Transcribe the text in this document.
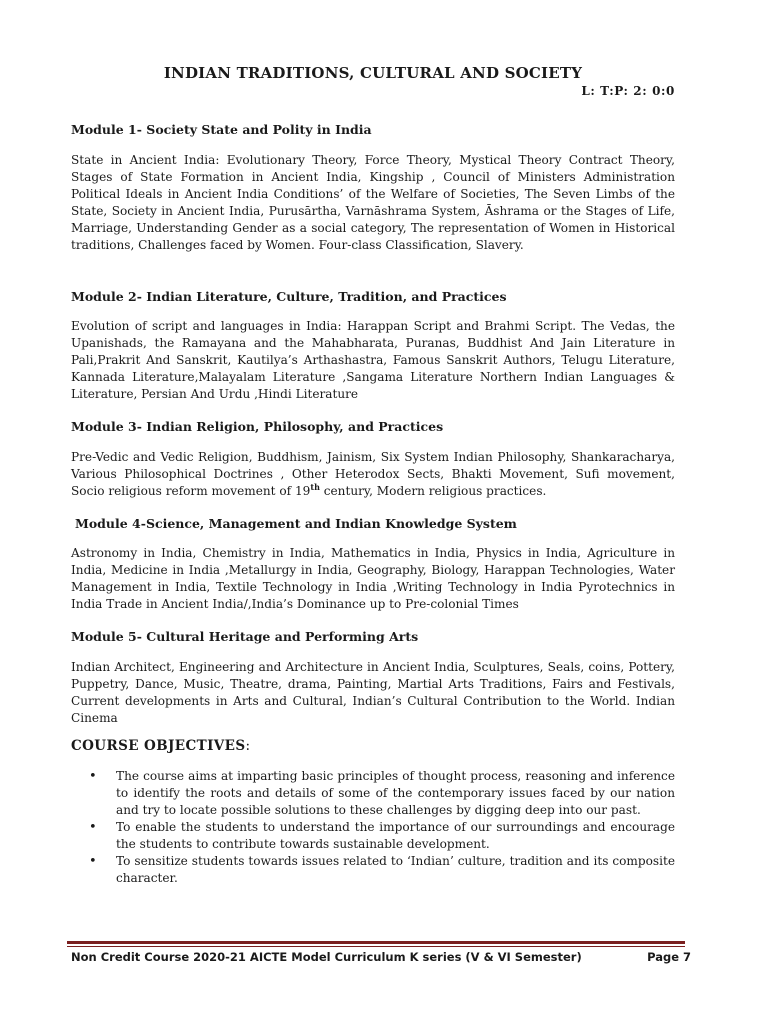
INDIAN TRADITIONS, CULTURAL AND SOCIETY
L: T:P: 2: 0:0
Module 1- Society State and Polity in India

State in Ancient India: Evolutionary Theory, Force Theory, Mystical Theory Contract Theory, Stages of State Formation in Ancient India, Kingship , Council of Ministers Administration Political Ideals in Ancient India Conditions’ of the Welfare of Societies, The Seven Limbs of the State, Society in Ancient India, Purusārtha, Varnāshrama System, Āshrama or the Stages of Life, Marriage, Understanding Gender as a social category, The representation of Women in Historical traditions, Challenges faced by Women. Four-class Classification, Slavery.

Module 2- Indian Literature, Culture, Tradition, and Practices

Evolution of script and languages in India: Harappan Script and Brahmi Script. The Vedas, the Upanishads, the Ramayana and the Mahabharata, Puranas, Buddhist And Jain Literature in Pali,Prakrit And Sanskrit, Kautilya’s Arthashastra, Famous Sanskrit Authors, Telugu Literature, Kannada Literature,Malayalam Literature ,Sangama Literature Northern Indian Languages & Literature, Persian And Urdu ,Hindi Literature

Module 3- Indian Religion, Philosophy, and Practices

Pre-Vedic and Vedic Religion, Buddhism, Jainism, Six System Indian Philosophy, Shankaracharya, Various Philosophical Doctrines , Other Heterodox Sects, Bhakti Movement, Sufi movement, Socio religious reform movement of 19th century, Modern religious practices.

Module 4-Science, Management and Indian Knowledge System

Astronomy in India, Chemistry in India, Mathematics in India, Physics in India, Agriculture in India, Medicine in India ,Metallurgy in India, Geography, Biology, Harappan Technologies, Water Management in India, Textile Technology in India ,Writing Technology in India Pyrotechnics in India Trade in Ancient India/,India’s Dominance up to Pre-colonial Times

Module 5- Cultural Heritage and Performing Arts

Indian Architect, Engineering and Architecture in Ancient India, Sculptures, Seals, coins, Pottery, Puppetry, Dance, Music, Theatre, drama, Painting, Martial Arts Traditions, Fairs and Festivals, Current developments in Arts and Cultural, Indian’s Cultural Contribution to the World. Indian Cinema

COURSE OBJECTIVES:
• The course aims at imparting basic principles of thought process, reasoning and inference to identify the roots and details of some of the contemporary issues faced by our nation and try to locate possible solutions to these challenges by digging deep into our past.
• To enable the students to understand the importance of our surroundings and encourage the students to contribute towards sustainable development.
• To sensitize students towards issues related to ‘Indian’ culture, tradition and its composite character.
Non Credit Course 2020-21 AICTE Model Curriculum K series (V & VI Semester)	Page 7
